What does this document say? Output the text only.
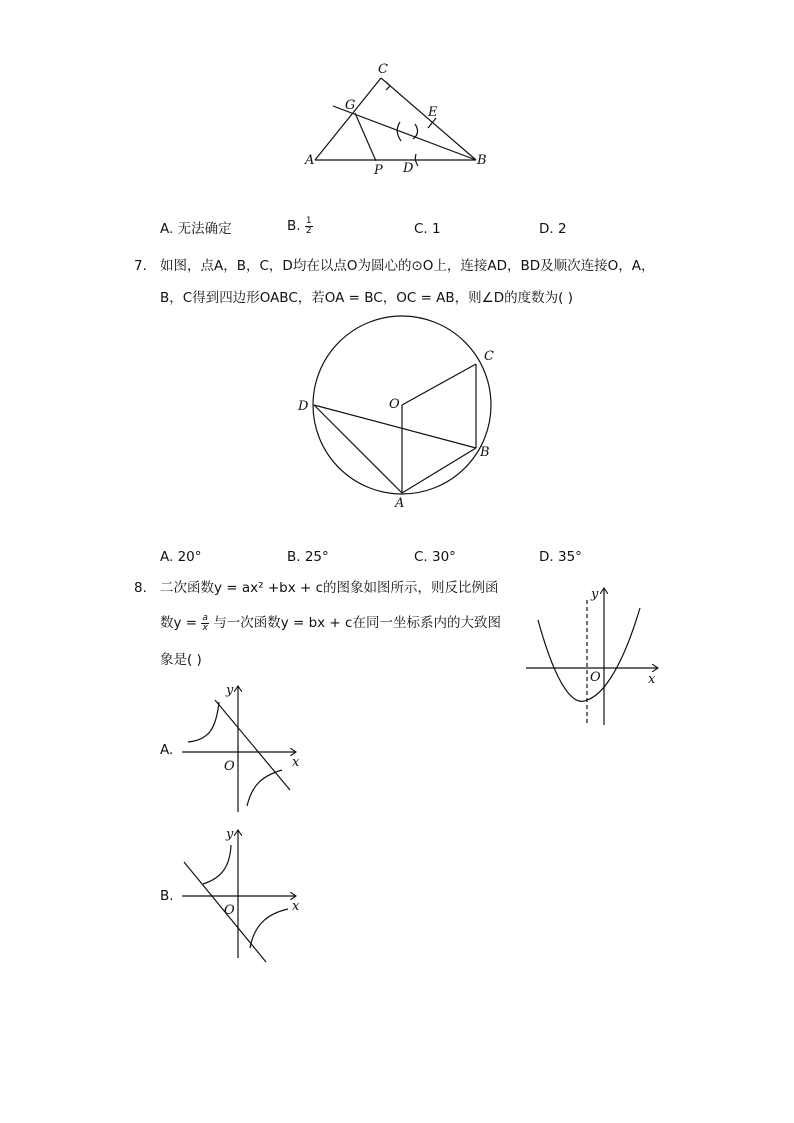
C
G	E
A
P D
B
A. 无法确定	B. $\frac{1}{2}$	C. 1	D. 2
7. 如图，点A，B，C，D均在以点O为圆心的⊙O上，连接AD，BD及顺次连接O，A，
B，C得到四边形OABC，若OA = BC，OC = AB，则∠D的度数为( )
C
O
D
B
A
A. 20°	B. 25°	C. 30°	D. 35°
8. 二次函数y = ax² +bx + c的图象如图所示，则反比例函
数$y = \frac{a}{x}$ 与一次函数y = bx + c在同一坐标系内的大致图
象是( )
y
O	x
A.
y
O	x
B.
y
O	x
